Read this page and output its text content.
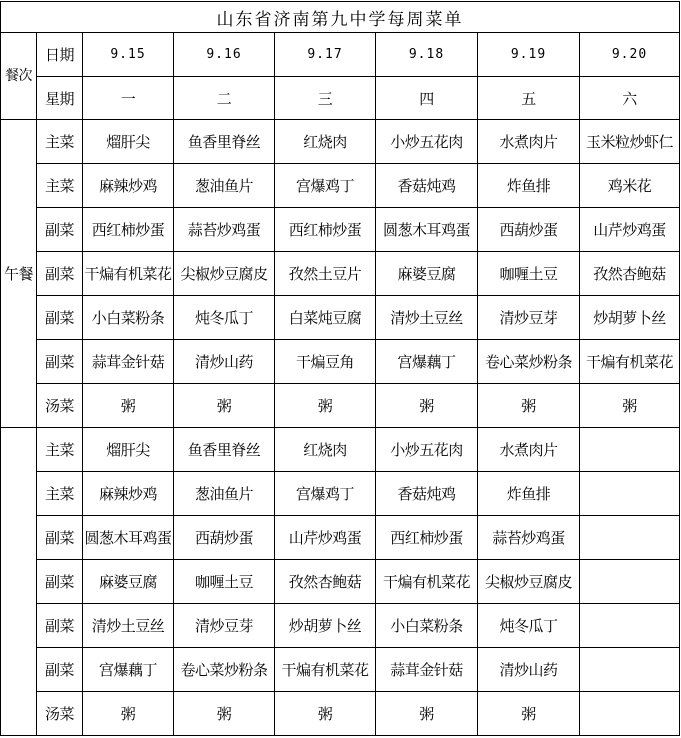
山东省济南第九中学每周菜单							
餐次	日期	9.15	9.16	9.17	9.18	9.19	9.20
	星期	一	二	三	四	五	六
午餐	主菜	熘肝尖	鱼香里脊丝	红烧肉	小炒五花肉	水煮肉片	玉米粒炒虾仁
	主菜	麻辣炒鸡	葱油鱼片	宫爆鸡丁	香菇炖鸡	炸鱼排	鸡米花
	副菜	西红柿炒蛋	蒜苔炒鸡蛋	西红柿炒蛋	圆葱木耳鸡蛋	西葫炒蛋	山芹炒鸡蛋
	副菜	干煸有机菜花	尖椒炒豆腐皮	孜然土豆片	麻婆豆腐	咖喱土豆	孜然杏鲍菇
	副菜	小白菜粉条	炖冬瓜丁	白菜炖豆腐	清炒土豆丝	清炒豆芽	炒胡萝卜丝
	副菜	蒜茸金针菇	清炒山药	干煸豆角	宫爆藕丁	卷心菜炒粉条	干煸有机菜花
	汤菜	粥	粥	粥	粥	粥	粥
	主菜	熘肝尖	鱼香里脊丝	红烧肉	小炒五花肉	水煮肉片	
	主菜	麻辣炒鸡	葱油鱼片	宫爆鸡丁	香菇炖鸡	炸鱼排	
	副菜	圆葱木耳鸡蛋	西葫炒蛋	山芹炒鸡蛋	西红柿炒蛋	蒜苔炒鸡蛋	
	副菜	麻婆豆腐	咖喱土豆	孜然杏鲍菇	干煸有机菜花	尖椒炒豆腐皮	
	副菜	清炒土豆丝	清炒豆芽	炒胡萝卜丝	小白菜粉条	炖冬瓜丁	
	副菜	宫爆藕丁	卷心菜炒粉条	干煸有机菜花	蒜茸金针菇	清炒山药	
	汤菜	粥	粥	粥	粥	粥	
